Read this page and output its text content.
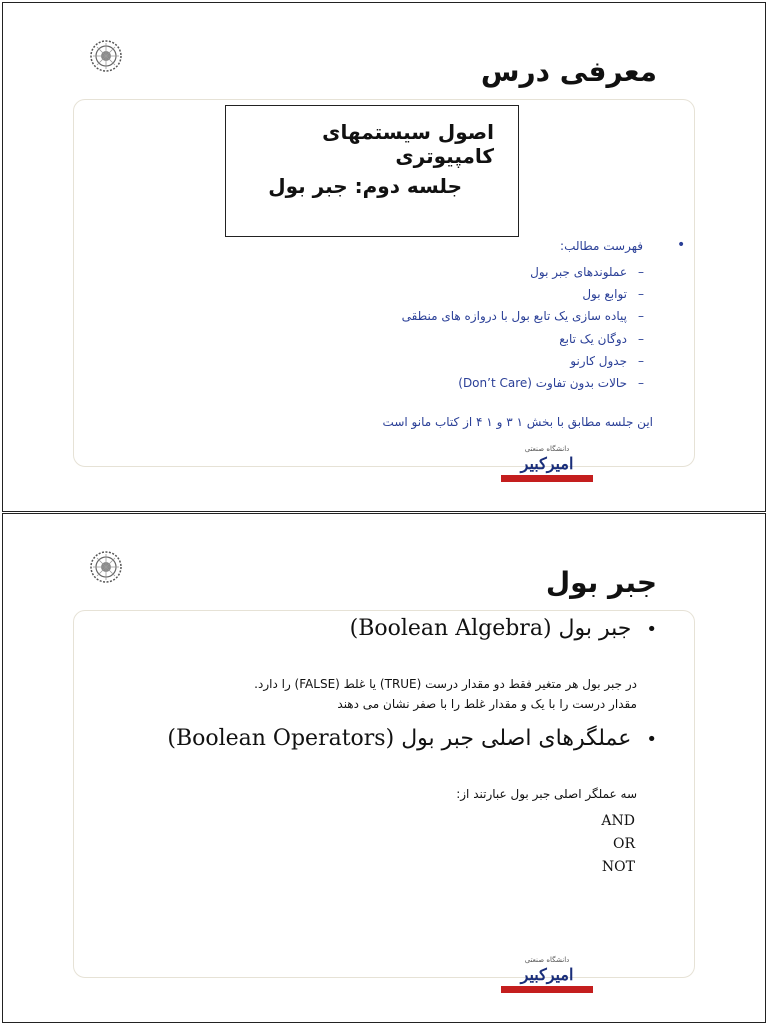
معرفی درس
اصول سیستمهای کامپیوتری
جلسه دوم: جبر بول
•
فهرست مطالب:
–عملوندهای جبر بول
–توابع بول
–پیاده سازی یک تابع بول با دروازه های منطقی
–دوگان یک تابع
–جدول کارنو
–حالات بدون تفاوت (Don’t Care)
این جلسه مطابق با بخش ۱ ۳ و ۱ ۴ از کتاب مانو است
دانشگاه صنعتی
امیرکبیر
جبر بول
• جبر بول (Boolean Algebra)
در جبر بول هر متغیر فقط دو مقدار درست (TRUE) یا غلط (FALSE) را دارد.
مقدار درست را با یک و مقدار غلط را با صفر نشان می دهند
• عملگرهای اصلی جبر بول (Boolean Operators)
سه عملگر اصلی جبر بول عبارتند از:
AND
OR
NOT
دانشگاه صنعتی
امیرکبیر
